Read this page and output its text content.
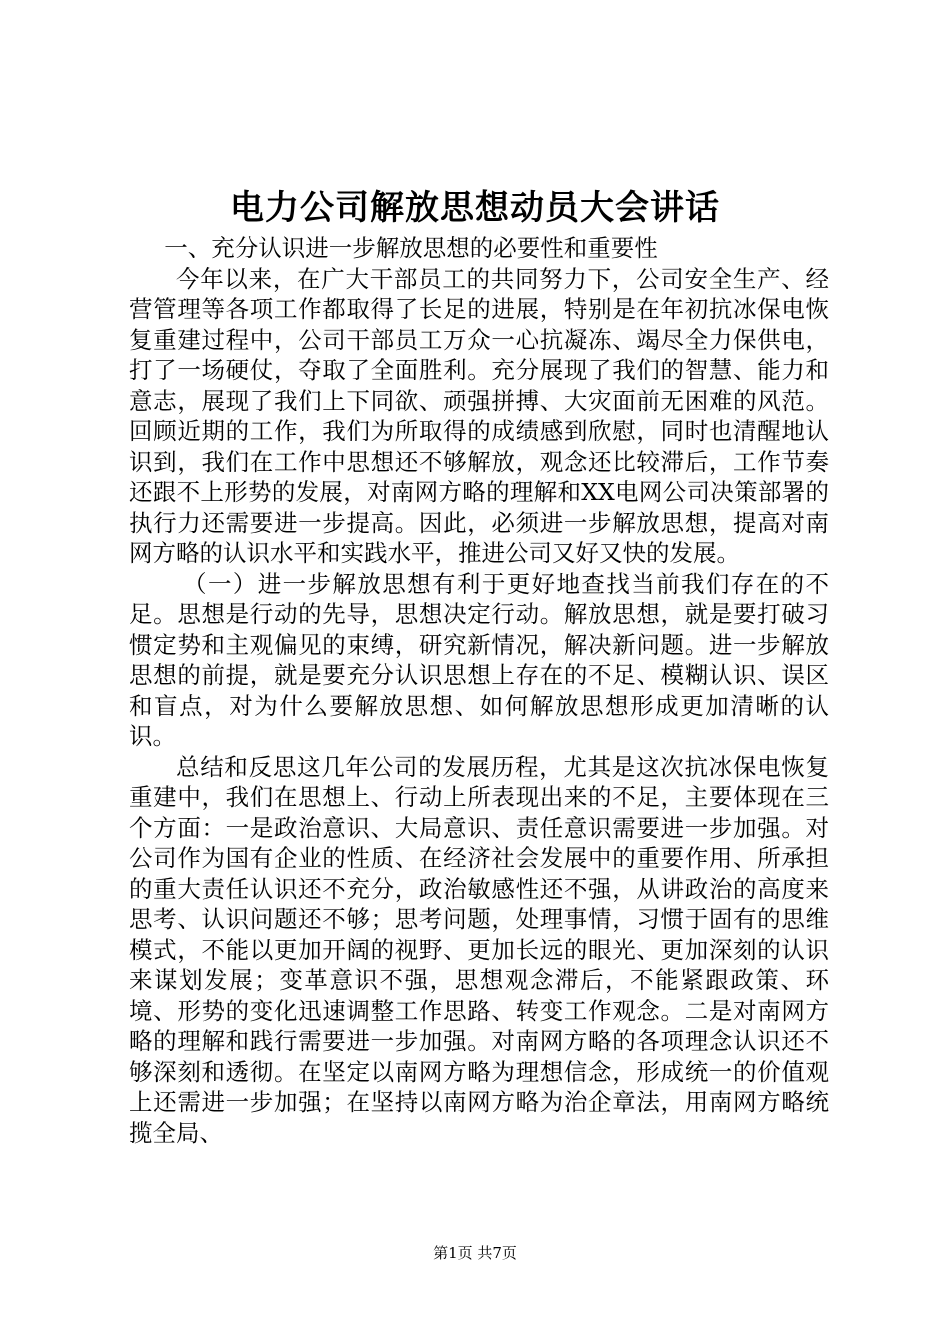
电力公司解放思想动员大会讲话

一、充分认识进一步解放思想的必要性和重要性

今年以来，在广大干部员工的共同努力下，公司安全生产、经营管理等各项工作都取得了长足的进展，特别是在年初抗冰保电恢复重建过程中，公司干部员工万众一心抗凝冻、竭尽全力保供电，打了一场硬仗，夺取了全面胜利。充分展现了我们的智慧、能力和意志，展现了我们上下同欲、顽强拼搏、大灾面前无困难的风范。回顾近期的工作，我们为所取得的成绩感到欣慰，同时也清醒地认识到，我们在工作中思想还不够解放，观念还比较滞后，工作节奏还跟不上形势的发展，对南网方略的理解和XX电网公司决策部署的执行力还需要进一步提高。因此，必须进一步解放思想，提高对南网方略的认识水平和实践水平，推进公司又好又快的发展。

（一）进一步解放思想有利于更好地查找当前我们存在的不足。思想是行动的先导，思想决定行动。解放思想，就是要打破习惯定势和主观偏见的束缚，研究新情况，解决新问题。进一步解放思想的前提，就是要充分认识思想上存在的不足、模糊认识、误区和盲点，对为什么要解放思想、如何解放思想形成更加清晰的认识。

总结和反思这几年公司的发展历程，尤其是这次抗冰保电恢复重建中，我们在思想上、行动上所表现出来的不足，主要体现在三个方面：一是政治意识、大局意识、责任意识需要进一步加强。对公司作为国有企业的性质、在经济社会发展中的重要作用、所承担的重大责任认识还不充分，政治敏感性还不强，从讲政治的高度来思考、认识问题还不够；思考问题，处理事情，习惯于固有的思维模式，不能以更加开阔的视野、更加长远的眼光、更加深刻的认识来谋划发展；变革意识不强，思想观念滞后，不能紧跟政策、环境、形势的变化迅速调整工作思路、转变工作观念。二是对南网方略的理解和践行需要进一步加强。对南网方略的各项理念认识还不够深刻和透彻。在坚定以南网方略为理想信念，形成统一的价值观上还需进一步加强；在坚持以南网方略为治企章法，用南网方略统揽全局、

第1页 共7页
